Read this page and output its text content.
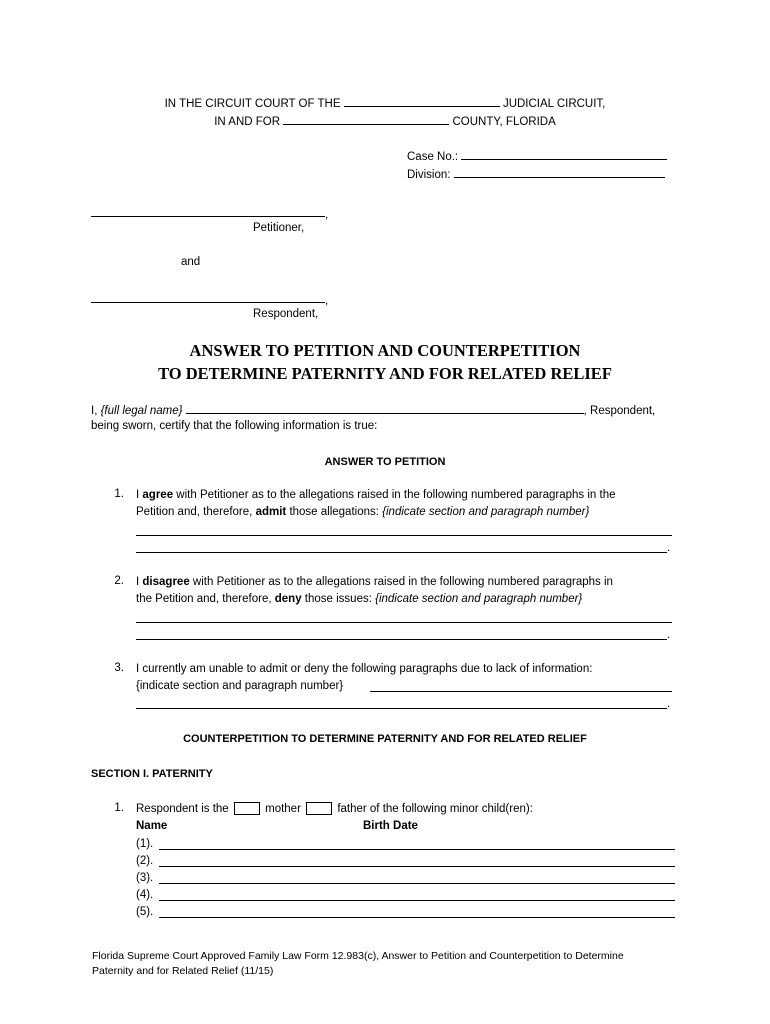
IN THE CIRCUIT COURT OF THE	JUDICIAL CIRCUIT,
IN AND FOR	COUNTY, FLORIDA
Case No.:
Division:
,
Petitioner,
and
,
Respondent,
ANSWER TO PETITION AND COUNTERPETITION
TO DETERMINE PATERNITY AND FOR RELATED RELIEF
I, {full legal name}	, Respondent,
being sworn, certify that the following information is true:
ANSWER TO PETITION
1. I agree with Petitioner as to the allegations raised in the following numbered paragraphs in the
Petition and, therefore, admit those allegations: {indicate section and paragraph number}
.
2. I disagree with Petitioner as to the allegations raised in the following numbered paragraphs in
the Petition and, therefore, deny those issues: {indicate section and paragraph number}
.
3. I currently am unable to admit or deny the following paragraphs due to lack of information:
{indicate section and paragraph number}
.
COUNTERPETITION TO DETERMINE PATERNITY AND FOR RELATED RELIEF
SECTION I. PATERNITY
1. Respondent is the	mother	father of the following minor child(ren):
Name	Birth Date
(1).
(2).
(3).
(4).
(5).
Florida Supreme Court Approved Family Law Form 12.983(c), Answer to Petition and Counterpetition to Determine
Paternity and for Related Relief (11/15)
